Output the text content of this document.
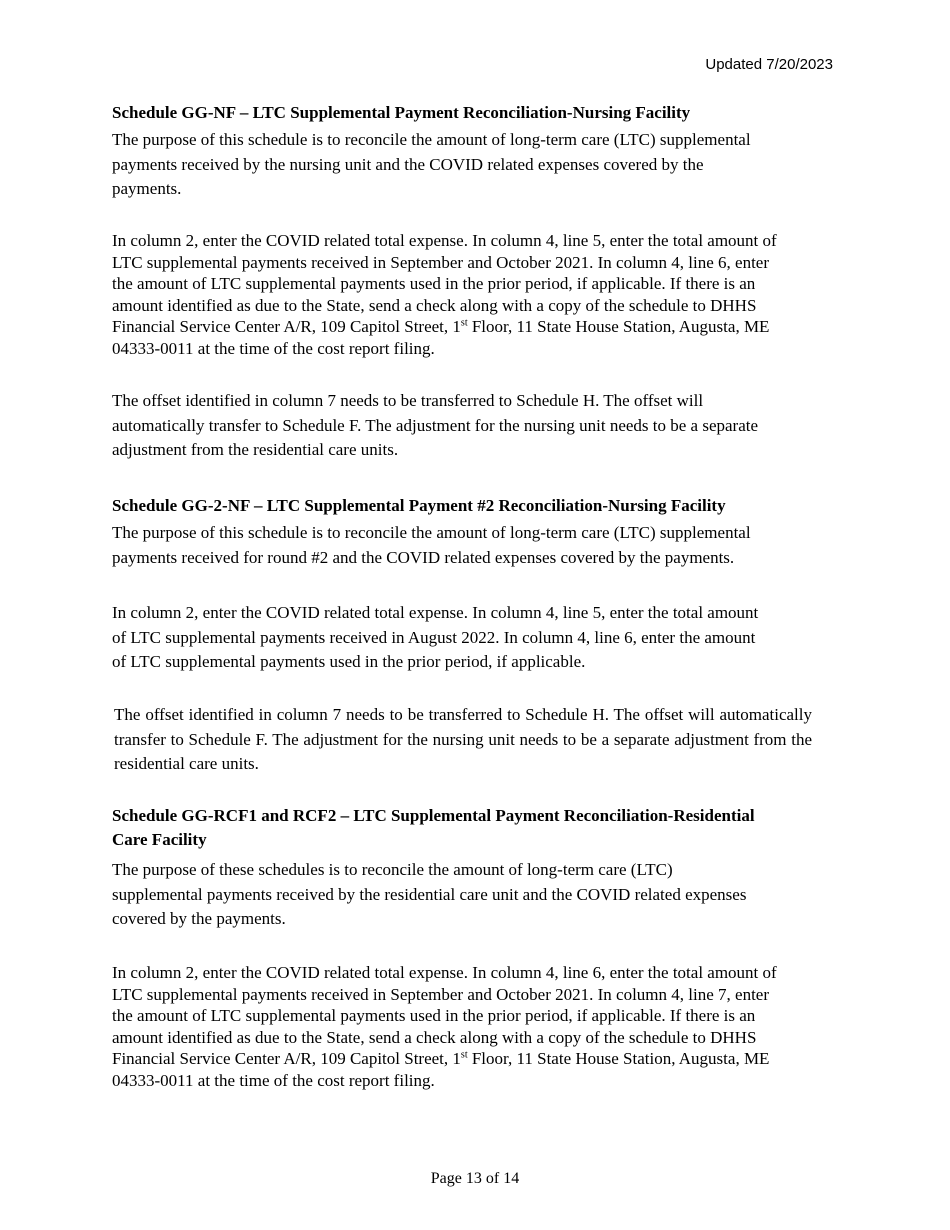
Updated 7/20/2023
Schedule GG-NF – LTC Supplemental Payment Reconciliation-Nursing Facility

The purpose of this schedule is to reconcile the amount of long-term care (LTC) supplemental
payments received by the nursing unit and the COVID related expenses covered by the
payments.

In column 2, enter the COVID related total expense. In column 4, line 5, enter the total amount of
LTC supplemental payments received in September and October 2021. In column 4, line 6, enter
the amount of LTC supplemental payments used in the prior period, if applicable. If there is an
amount identified as due to the State, send a check along with a copy of the schedule to DHHS
Financial Service Center A/R, 109 Capitol Street, 1st Floor, 11 State House Station, Augusta, ME
04333-0011 at the time of the cost report filing.

The offset identified in column 7 needs to be transferred to Schedule H. The offset will
automatically transfer to Schedule F. The adjustment for the nursing unit needs to be a separate
adjustment from the residential care units.

Schedule GG-2-NF – LTC Supplemental Payment #2 Reconciliation-Nursing Facility

The purpose of this schedule is to reconcile the amount of long-term care (LTC) supplemental
payments received for round #2 and the COVID related expenses covered by the payments.

In column 2, enter the COVID related total expense. In column 4, line 5, enter the total amount
of LTC supplemental payments received in August 2022. In column 4, line 6, enter the amount
of LTC supplemental payments used in the prior period, if applicable.

The offset identified in column 7 needs to be transferred to Schedule H. The offset will automatically transfer to Schedule F. The adjustment for the nursing unit needs to be a separate adjustment from the residential care units.

Schedule GG-RCF1 and RCF2 – LTC Supplemental Payment Reconciliation-Residential
Care Facility

The purpose of these schedules is to reconcile the amount of long-term care (LTC)
supplemental payments received by the residential care unit and the COVID related expenses
covered by the payments.

In column 2, enter the COVID related total expense. In column 4, line 6, enter the total amount of
LTC supplemental payments received in September and October 2021. In column 4, line 7, enter
the amount of LTC supplemental payments used in the prior period, if applicable. If there is an
amount identified as due to the State, send a check along with a copy of the schedule to DHHS
Financial Service Center A/R, 109 Capitol Street, 1st Floor, 11 State House Station, Augusta, ME
04333-0011 at the time of the cost report filing.

Page 13 of 14
